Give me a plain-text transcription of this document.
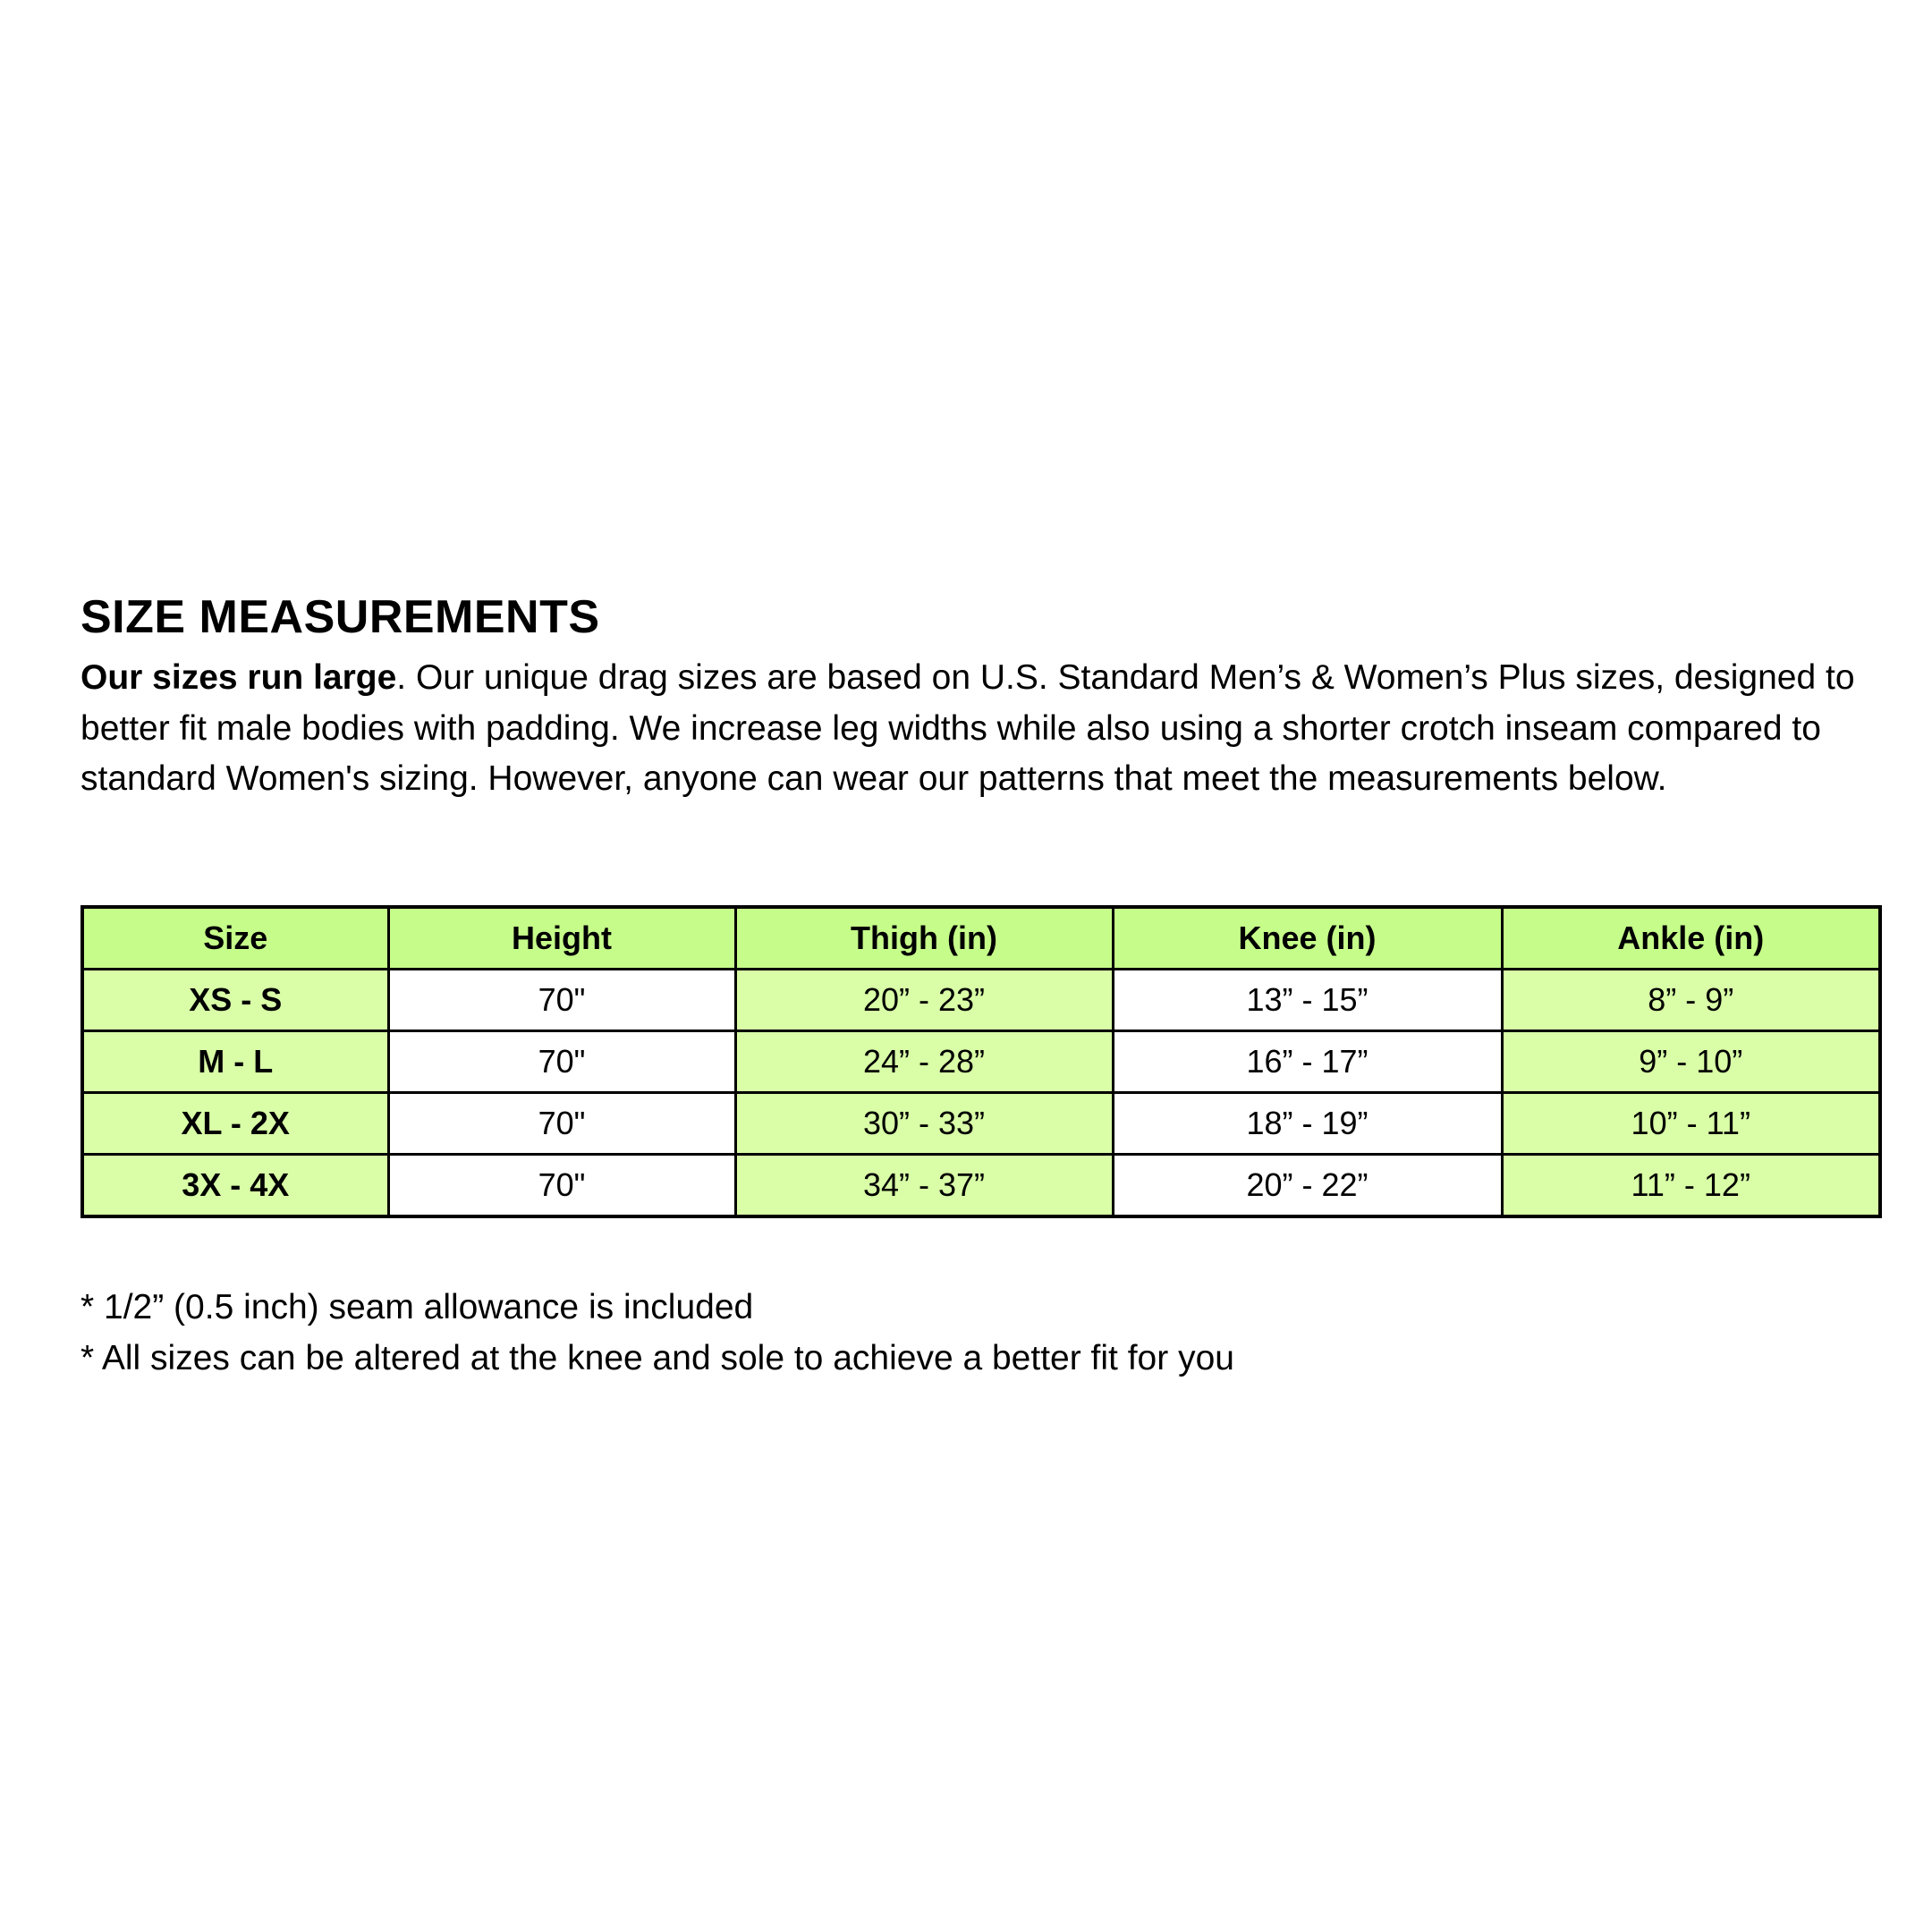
SIZE MEASUREMENTS

Our sizes run large. Our unique drag sizes are based on U.S. Standard Men’s & Women’s Plus sizes, designed to better fit male bodies with padding. We increase leg widths while also using a shorter crotch inseam compared to standard Women's sizing. However, anyone can wear our patterns that meet the measurements below.

Size	Height	Thigh (in)	Knee (in)	Ankle (in)
XS - S	70"	20” - 23”	13” - 15”	8” - 9”
M - L	70"	24” - 28”	16” - 17”	9” - 10”
XL - 2X	70"	30” - 33”	18” - 19”	10” - 11”
3X - 4X	70"	34” - 37”	20” - 22”	11” - 12”
* 1/2” (0.5 inch) seam allowance is included
* All sizes can be altered at the knee and sole to achieve a better fit for you
